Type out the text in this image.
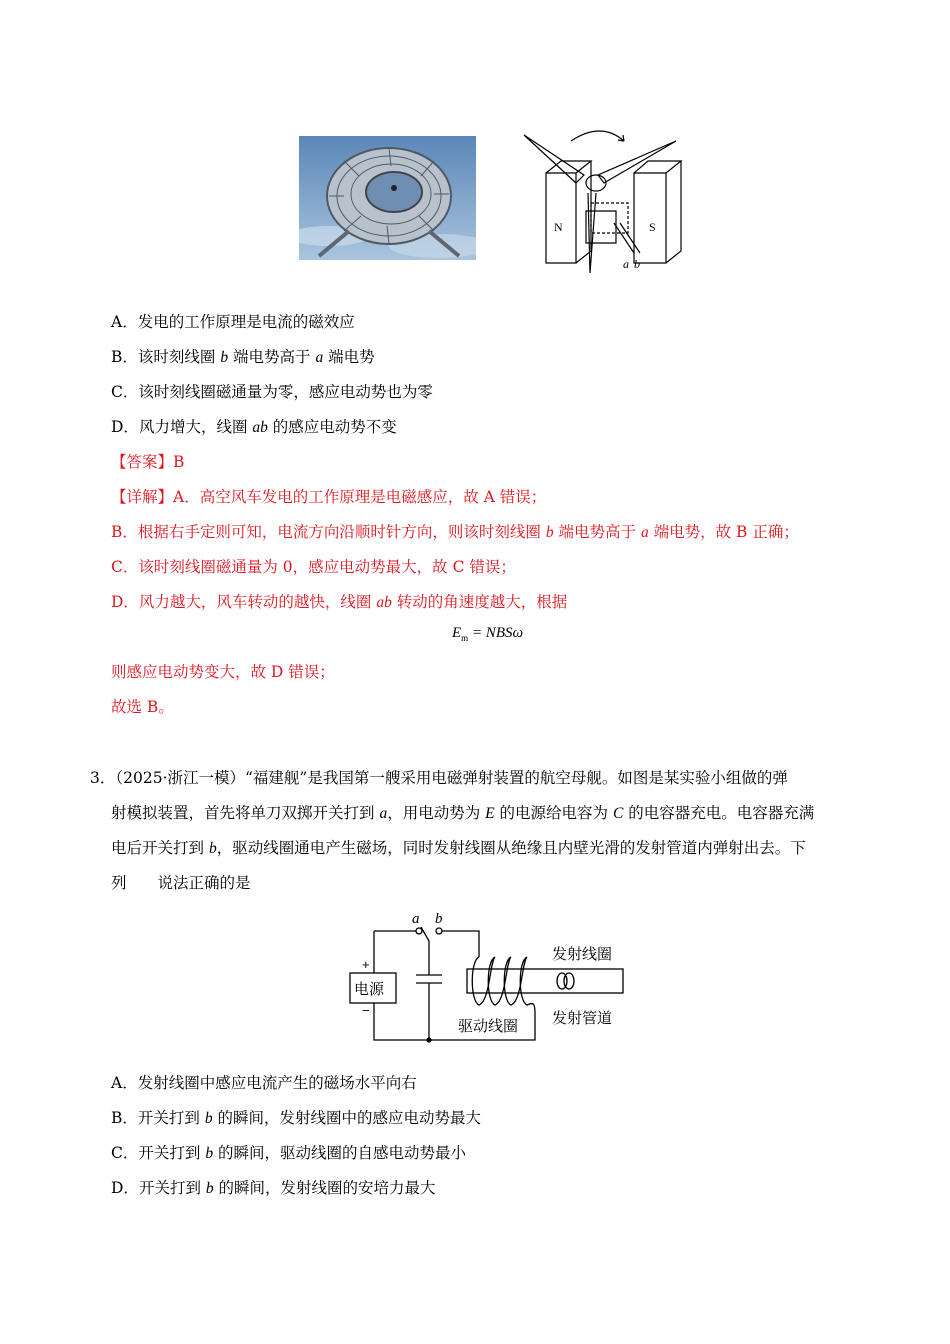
N	S
a b
A．发电的工作原理是电流的磁效应
B．该时刻线圈 b 端电势高于 a 端电势
C．该时刻线圈磁通量为零，感应电动势也为零
D．风力增大，线圈 ab 的感应电动势不变
【答案】B
【详解】A．高空风车发电的工作原理是电磁感应，故 A 错误；
B．根据右手定则可知，电流方向沿顺时针方向，则该时刻线圈 b 端电势高于 a 端电势，故 B 正确；
C．该时刻线圈磁通量为 0，感应电动势最大，故 C 错误；
D．风力越大，风车转动的越快，线圈 ab 转动的角速度越大，根据
$E_m = NBS\omega$
则感应电动势变大，故 D 错误；
故选 B。
3．（2025·浙江一模）“福建舰”是我国第一艘采用电磁弹射装置的航空母舰。如图是某实验小组做的弹
射模拟装置，首先将单刀双掷开关打到 a，用电动势为 E 的电源给电容为 C 的电容器充电。电容器充满
电后开关打到 b，驱动线圈通电产生磁场，同时发射线圈从绝缘且内壁光滑的发射管道内弹射出去。下
列　　说法正确的是
a b
+
−
电源
发射线圈
发射管道
驱动线圈
A．发射线圈中感应电流产生的磁场水平向右
B．开关打到 b 的瞬间，发射线圈中的感应电动势最大
C．开关打到 b 的瞬间，驱动线圈的自感电动势最小
D．开关打到 b 的瞬间，发射线圈的安培力最大
